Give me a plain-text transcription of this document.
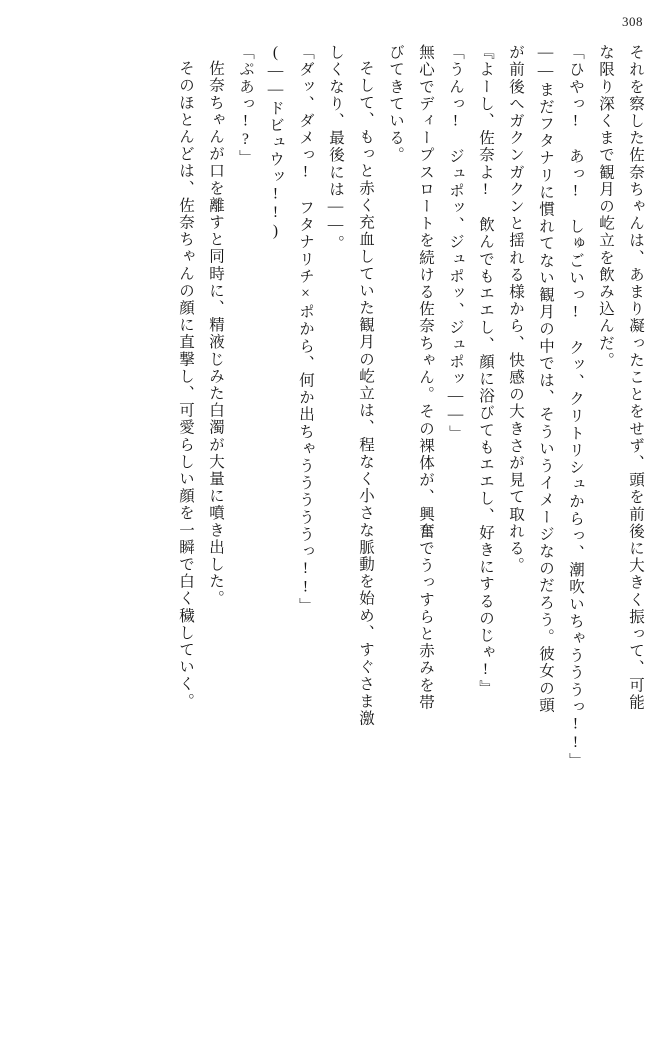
308
それを察した佐奈ちゃんは、あまり凝ったことをせず、頭を前後に大きく振って、可能
な限り深くまで観月の屹立を飲み込んだ。
「ひやっ!　あっ!　しゅごいっ!　クッ、クリトリシュからっ、潮吹いちゃうううっ!!」
――まだフタナリに慣れてない観月の中では、そういうイメージなのだろう。彼女の頭
が前後へガクンガクンと揺れる様から、快感の大きさが見て取れる。
『よーし、佐奈よ!　飲んでもエエし、顔に浴びてもエエし、好きにするのじゃ!』
「うんっ!　ジュポッ、ジュポッ、ジュポッ――」
無心でディープスロートを続ける佐奈ちゃん。その裸体が、興奮でうっすらと赤みを帯
びてきている。
そして、もっと赤く充血していた観月の屹立は、程なく小さな脈動を始め、すぐさま激
しくなり、最後には――。
「ダッ、ダメっ!　フタナリチ×ポから、何か出ちゃうううううっ!!」
(――ドビュウッ!!)
「ぷあっ!?」
佐奈ちゃんが口を離すと同時に、精液じみた白濁が大量に噴き出した。
そのほとんどは、佐奈ちゃんの顔に直撃し、可愛らしい顔を一瞬で白く穢していく。
